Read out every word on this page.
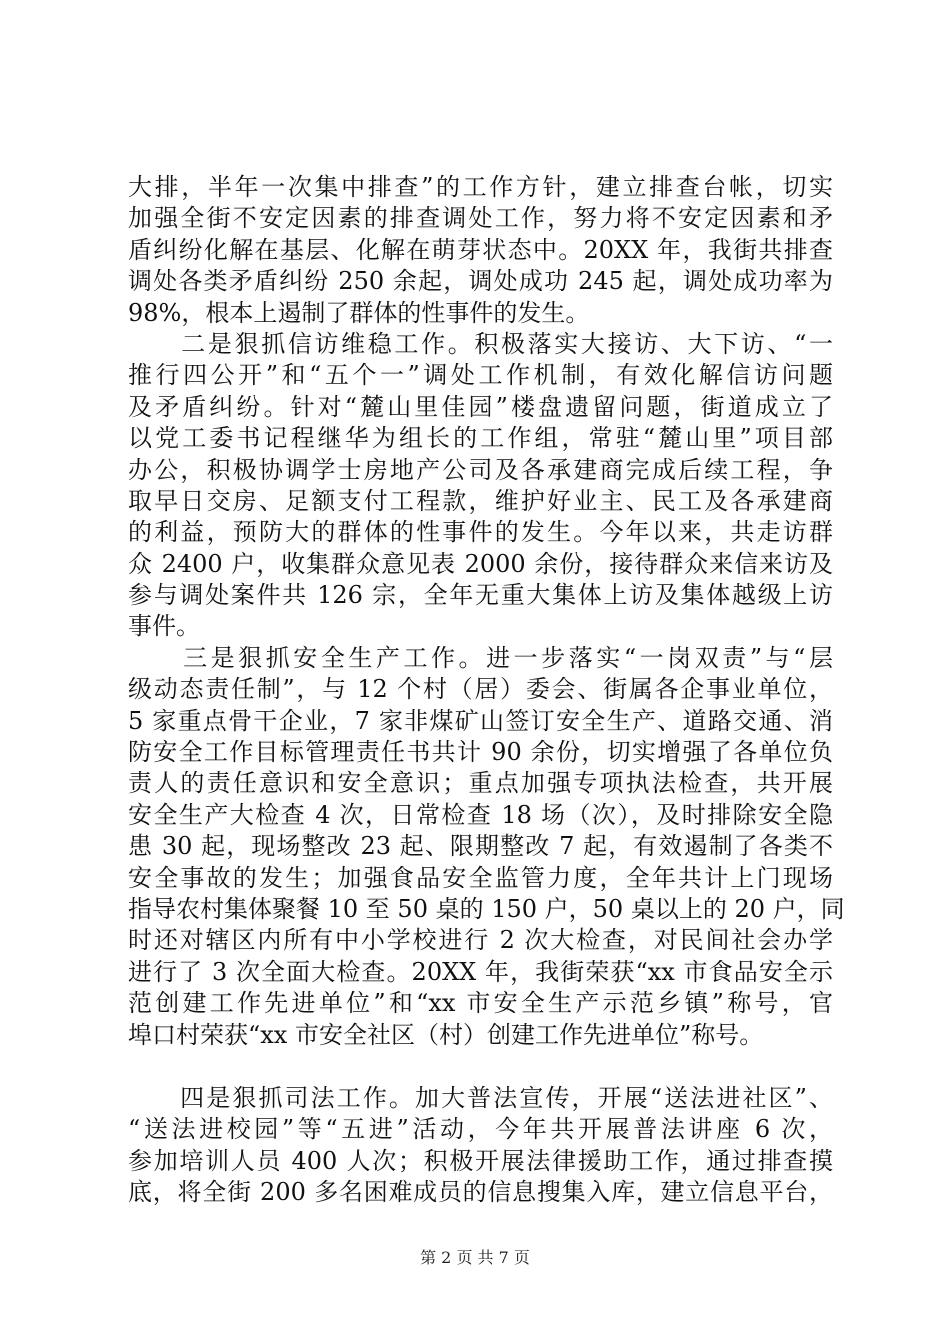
大排，半年一次集中排查”的工作方针，建立排查台帐，切实
加强全街不安定因素的排查调处工作，努力将不安定因素和矛
盾纠纷化解在基层、化解在萌芽状态中。20XX 年，我街共排查
调处各类矛盾纠纷 250 余起，调处成功 245 起，调处成功率为
98%，根本上遏制了群体的性事件的发生。
　　二是狠抓信访维稳工作。积极落实大接访、大下访、“一
推行四公开”和“五个一”调处工作机制，有效化解信访问题
及矛盾纠纷。针对“麓山里佳园”楼盘遗留问题，街道成立了
以党工委书记程继华为组长的工作组，常驻“麓山里”项目部
办公，积极协调学士房地产公司及各承建商完成后续工程，争
取早日交房、足额支付工程款，维护好业主、民工及各承建商
的利益，预防大的群体的性事件的发生。今年以来，共走访群
众 2400 户，收集群众意见表 2000 余份，接待群众来信来访及
参与调处案件共 126 宗，全年无重大集体上访及集体越级上访
事件。
　　三是狠抓安全生产工作。进一步落实“一岗双责”与“层
级动态责任制”，与 12 个村（居）委会、街属各企事业单位，
5 家重点骨干企业，7 家非煤矿山签订安全生产、道路交通、消
防安全工作目标管理责任书共计 90 余份，切实增强了各单位负
责人的责任意识和安全意识；重点加强专项执法检查，共开展
安全生产大检查 4 次，日常检查 18 场（次），及时排除安全隐
患 30 起，现场整改 23 起、限期整改 7 起，有效遏制了各类不
安全事故的发生；加强食品安全监管力度，全年共计上门现场
指导农村集体聚餐 10 至 50 桌的 150 户，50 桌以上的 20 户，同
时还对辖区内所有中小学校进行 2 次大检查，对民间社会办学
进行了 3 次全面大检查。20XX 年，我街荣获“xx 市食品安全示
范创建工作先进单位”和“xx 市安全生产示范乡镇”称号，官
埠口村荣获“xx 市安全社区（村）创建工作先进单位”称号。
　　四是狠抓司法工作。加大普法宣传，开展“送法进社区”、
“送法进校园”等“五进”活动，今年共开展普法讲座 6 次，
参加培训人员 400 人次；积极开展法律援助工作，通过排查摸
底，将全街 200 多名困难成员的信息搜集入库，建立信息平台，
第 2 页 共 7 页
